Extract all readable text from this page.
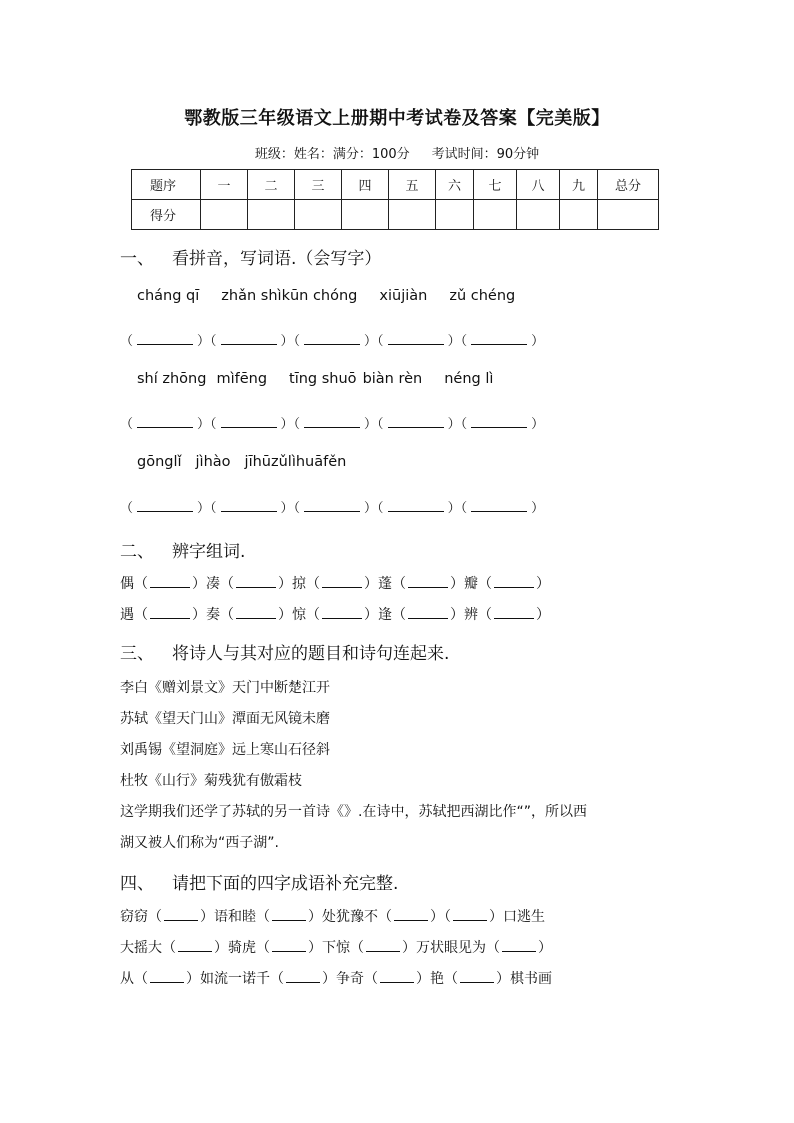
鄂教版三年级语文上册期中考试卷及答案【完美版】
班级：姓名：满分：100分 考试时间：90分钟
题序	一	二	三	四	五	六	七	八	九	总分
得分										
一、 看拼音，写词语.（会写字）
cháng qī zhǎn shìkūn chóng xiūjiàn zǔ chéng
（	）（	）（	）（	）（	）
shí zhōng mìfēng tīng shuō biàn rèn néng lì
（	）（	）（	）（	）（	）
gōnglǐ jìhào jīhūzǔlìhuāfěn
（	）（	）（	）（	）（	）
二、 辨字组词.
偶（	）凑（	）掠（	）蓬（	）瓣（	）
遇（	）奏（	）惊（	）逢（	）辨（	）
三、 将诗人与其对应的题目和诗句连起来.
李白《赠刘景文》天门中断楚江开
苏轼《望天门山》潭面无风镜未磨
刘禹锡《望洞庭》远上寒山石径斜
杜牧《山行》菊残犹有傲霜枝
这学期我们还学了苏轼的另一首诗《》.在诗中，苏轼把西湖比作“”，所以西
湖又被人们称为“西子湖”.
四、 请把下面的四字成语补充完整.
窃窃（	）语和睦（	）处犹豫不（	）（	）口逃生
大摇大（	）骑虎（	）下惊（	）万状眼见为（	）
从（	）如流一诺千（	）争奇（	）艳（	）棋书画
